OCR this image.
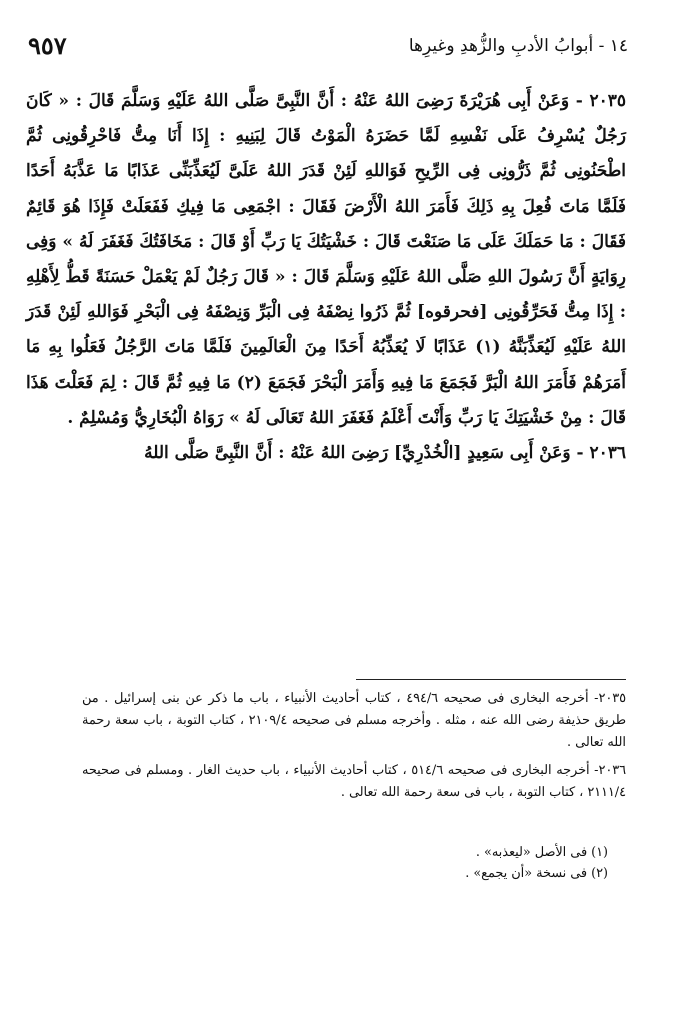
١٤ - أبوابُ الأدبِ والزُّهدِ وغيرِها
٩٥٧

٢٠٣٥ - وَعَنْ أَبِى هُرَيْرَةَ رَضِىَ اللهُ عَنْهُ : أَنَّ النَّبِىَّ صَلَّى اللهُ عَلَيْهِ وَسَلَّمَ قَالَ : « كَانَ رَجُلٌ يُسْرِفُ عَلَى نَفْسِهِ لَمَّا حَضَرَهُ الْمَوْتُ قَالَ لِبَنِيهِ : إِذَا أَنَا مِتُّ فَاحْرِقُونِى ثُمَّ اطْحَنُونِى ثُمَّ ذَرُّونِى فِى الرِّيحِ فَوَاللهِ لَئِنْ قَدَرَ اللهُ عَلَىَّ لَيُعَذِّبَنِّى عَذَابًا مَا عَذَّبَهُ أَحَدًا فَلَمَّا مَاتَ فُعِلَ بِهِ ذَلِكَ فَأَمَرَ اللهُ الْأَرْضَ فَقَالَ : اجْمَعِى مَا فِيكِ فَفَعَلَتْ فَإِذَا هُوَ قَائِمٌ فَقَالَ : مَا حَمَلَكَ عَلَى مَا صَنَعْتَ قَالَ : خَشْيَتُكَ يَا رَبِّ أَوْ قَالَ : مَخَافَتُكَ فَغَفَرَ لَهُ » وَفِى رِوَايَةٍ أَنَّ رَسُولَ اللهِ صَلَّى اللهُ عَلَيْهِ وَسَلَّمَ قَالَ : « قَالَ رَجُلٌ لَمْ يَعْمَلْ حَسَنَةً قَطُّ لِأَهْلِهِ : إِذَا مِتُّ فَحَرِّقُونِى [فحرقوه] ثُمَّ ذَرُوا نِصْفَهُ فِى الْبَرِّ وَنِصْفَهُ فِى الْبَحْرِ فَوَاللهِ لَئِنْ قَدَرَ اللهُ عَلَيْهِ لَيُعَذِّبَنَّهُ (١) عَذَابًا لَا يُعَذِّبُهُ أَحَدًا مِنَ الْعَالَمِينَ فَلَمَّا مَاتَ الرَّجُلُ فَعَلُوا بِهِ مَا أَمَرَهُمْ فَأَمَرَ اللهُ الْبَرَّ فَجَمَعَ مَا فِيهِ وَأَمَرَ الْبَحْرَ فَجَمَعَ (٢) مَا فِيهِ ثُمَّ قَالَ : لِمَ فَعَلْتَ هَذَا قَالَ : مِنْ خَشْيَتِكَ يَا رَبِّ وَأَنْتَ أَعْلَمُ فَغَفَرَ اللهُ تَعَالَى لَهُ » رَوَاهُ الْبُخَارِيُّ وَمُسْلِمٌ .

٢٠٣٦ - وَعَنْ أَبِى سَعِيدٍ [الْخُدْرِيِّ] رَضِىَ اللهُ عَنْهُ : أَنَّ النَّبِىَّ صَلَّى اللهُ

٢٠٣٥- أخرجه البخارى فى صحيحه ٤٩٤/٦ ، كتاب أحاديث الأنبياء ، باب ما ذكر عن بنى إسرائيل . من طريق حذيفة رضى الله عنه ، مثله . وأخرجه مسلم فى صحيحه ٢١٠٩/٤ ، كتاب التوبة ، باب سعة رحمة الله تعالى .

٢٠٣٦- أخرجه البخارى فى صحيحه ٥١٤/٦ ، كتاب أحاديث الأنبياء ، باب حديث الغار . ومسلم فى صحيحه ٢١١١/٤ ، كتاب التوبة ، باب فى سعة رحمة الله تعالى .

(١) فى الأصل «ليعذبه» .

(٢) فى نسخة «أن يجمع» .
